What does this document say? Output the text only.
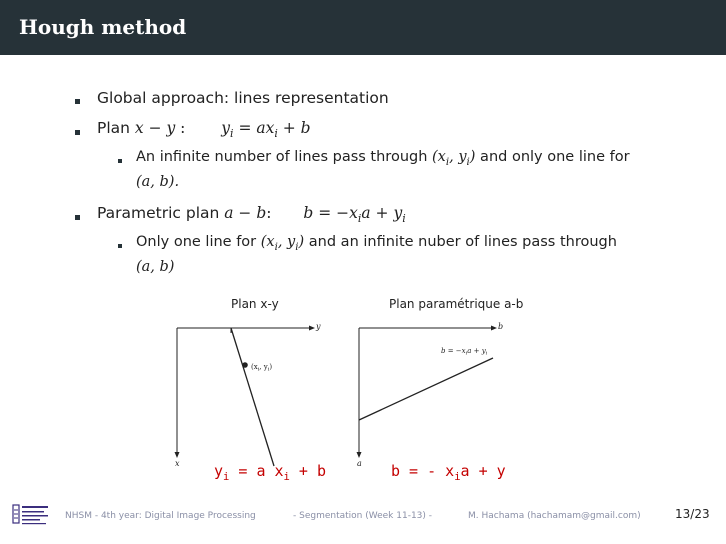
Hough method
Global approach: lines representation
Plan x − y : $y_i = ax_i + b$
An infinite number of lines pass through ($x_i$, $y_i$) and only one line for
(a, b).
Parametric plan a − b: $b = -x_ia + y_i$
Only one line for ($x_i$, $y_i$) and an infinite nuber of lines pass through
(a, b)
Plan x-y	Plan paramétrique a-b
y
x
($x_i$, $y_i$)
b
a
$b = -x_ia + y_i$
$y_i = a$ $x_i + b$	b = - $x_ia + y$
NHSM - 4th year: Digital Image Processing	- Segmentation (Week 11-13) -	M. Hachama (hachamam@gmail.com)	13/23
